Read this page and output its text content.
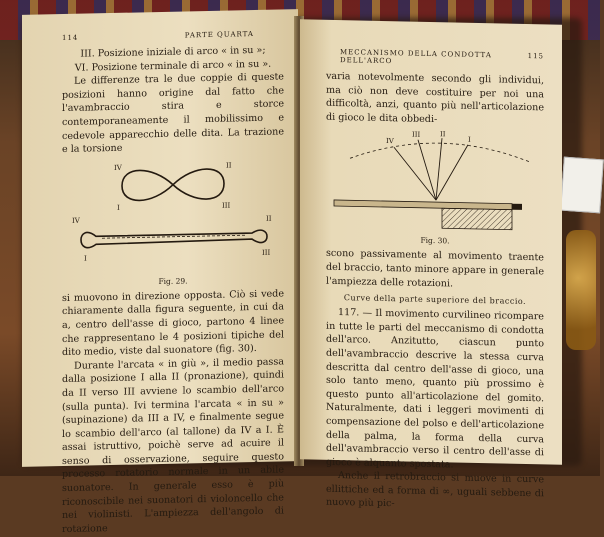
114	PARTE QUARTA

III. Posizione iniziale di arco « in su »;

VI. Posizione terminale di arco « in su ».

Le differenze tra le due coppie di queste posizioni hanno origine dal fatto che l'avambraccio stira e storce contemporaneamente il mobilissimo e cedevole apparecchio delle dita. La trazione e la torsione

IV	II
I	III
IV	II
I
III
Fig. 29.

si muovono in direzione opposta. Ciò si vede chiaramente dalla figura seguente, in cui da a, centro dell'asse di gioco, partono 4 linee che rappresentano le 4 posizioni tipiche del dito medio, viste dal suonatore (fig. 30).

Durante l'arcata « in giù », il medio passa dalla posizione I alla II (pronazione), quindi da II verso III avviene lo scambio dell'arco (sulla punta). Ivi termina l'arcata « in su » (supinazione) da III a IV, e finalmente segue lo scambio dell'arco (al tallone) da IV a I. È assai istruttivo, poichè serve ad acuire il senso di osservazione, seguire questo processo rotatorio normale in un abile suonatore. In generale esso è più riconoscibile nei suonatori di violoncello che nei violinisti. L'ampiezza dell'angolo di rotazione

MECCANISMO DELLA CONDOTTA DELL'ARCO	115

varia notevolmente secondo gli individui, ma ciò non deve costituire per noi una difficoltà, anzi, quanto più nell'articolazione di gioco le dita obbedi-

IV
III	II
I
Fig. 30.

scono passivamente al movimento traente del braccio, tanto minore appare in generale l'ampiezza delle rotazioni.

Curve della parte superiore del braccio.

117. — Il movimento curvilineo ricompare in tutte le parti del meccanismo di condotta dell'arco. Anzitutto, ciascun punto dell'avambraccio descrive la stessa curva descritta dal centro dell'asse di gioco, una solo tanto meno, quanto più prossimo è questo punto all'articolazione del gomito. Naturalmente, dati i leggeri movimenti di compensazione del polso e dell'articolazione della palma, la forma della curva dell'avambraccio verso il centro dell'asse di gioco è alquanto spostata.

Anche il retrobraccio si muove in curve ellittiche ed a forma di ∞, uguali sebbene di nuovo più pic-
